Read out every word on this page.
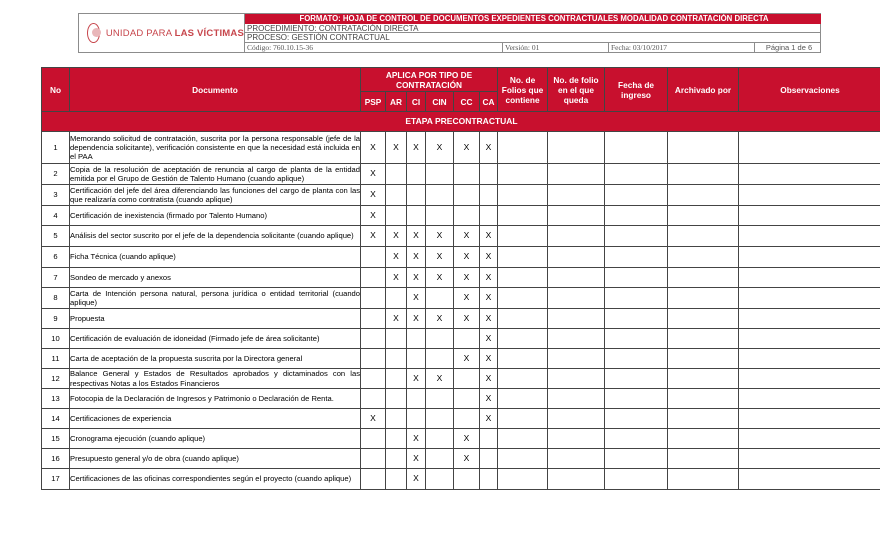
UNIDAD PARA LAS VÍCTIMAS
FORMATO: HOJA DE CONTROL DE DOCUMENTOS EXPEDIENTES CONTRACTUALES MODALIDAD CONTRATACIÓN DIRECTA
PROCEDIMIENTO: CONTRATACIÓN DIRECTA
PROCESO: GESTIÓN CONTRACTUAL
Código: 760.10.15-36	Versión: 01	Fecha: 03/10/2017	Página 1 de 6
No	Documento	APLICA POR TIPO DE CONTRATACIÓN						No. de Folios que contiene	No. de folio en el que queda	Fecha de ingreso	Archivado por	Observaciones
		PSP	AR	CI	CIN	CC	CA					
ETAPA PRECONTRACTUAL												
1	Memorando solicitud de contratación, suscrita por la persona responsable (jefe de la dependencia solicitante), verificación consistente en que la necesidad está incluida en el PAA	X	X	X	X	X	X					
2	Copia de la resolución de aceptación de renuncia al cargo de planta de la entidad emitida por el Grupo de Gestión de Talento Humano (cuando aplique)	X										
3	Certificación del jefe del área diferenciando las funciones del cargo de planta con las que realizaría como contratista (cuando aplique)	X										
4	Certificación de inexistencia (firmado por Talento Humano)	X										
5	Análisis del sector suscrito por el jefe de la dependencia solicitante (cuando aplique)	X	X	X	X	X	X					
6	Ficha Técnica (cuando aplique)		X	X	X	X	X					
7	Sondeo de mercado y anexos		X	X	X	X	X					
8	Carta de Intención persona natural, persona jurídica o entidad territorial (cuando aplique)			X		X	X					
9	Propuesta		X	X	X	X	X					
10	Certificación de evaluación de idoneidad (Firmado jefe de área solicitante)						X					
11	Carta de aceptación de la propuesta suscrita por la Directora general					X	X					
12	Balance General y Estados de Resultados aprobados y dictaminados con las respectivas Notas a los Estados Financieros			X	X		X					
13	Fotocopia de la Declaración de Ingresos y Patrimonio o Declaración de Renta.						X					
14	Certificaciones de experiencia	X					X					
15	Cronograma ejecución (cuando aplique)			X		X						
16	Presupuesto general y/o de obra (cuando aplique)			X		X						
17	Certificaciones de las oficinas correspondientes según el proyecto (cuando aplique)			X								
